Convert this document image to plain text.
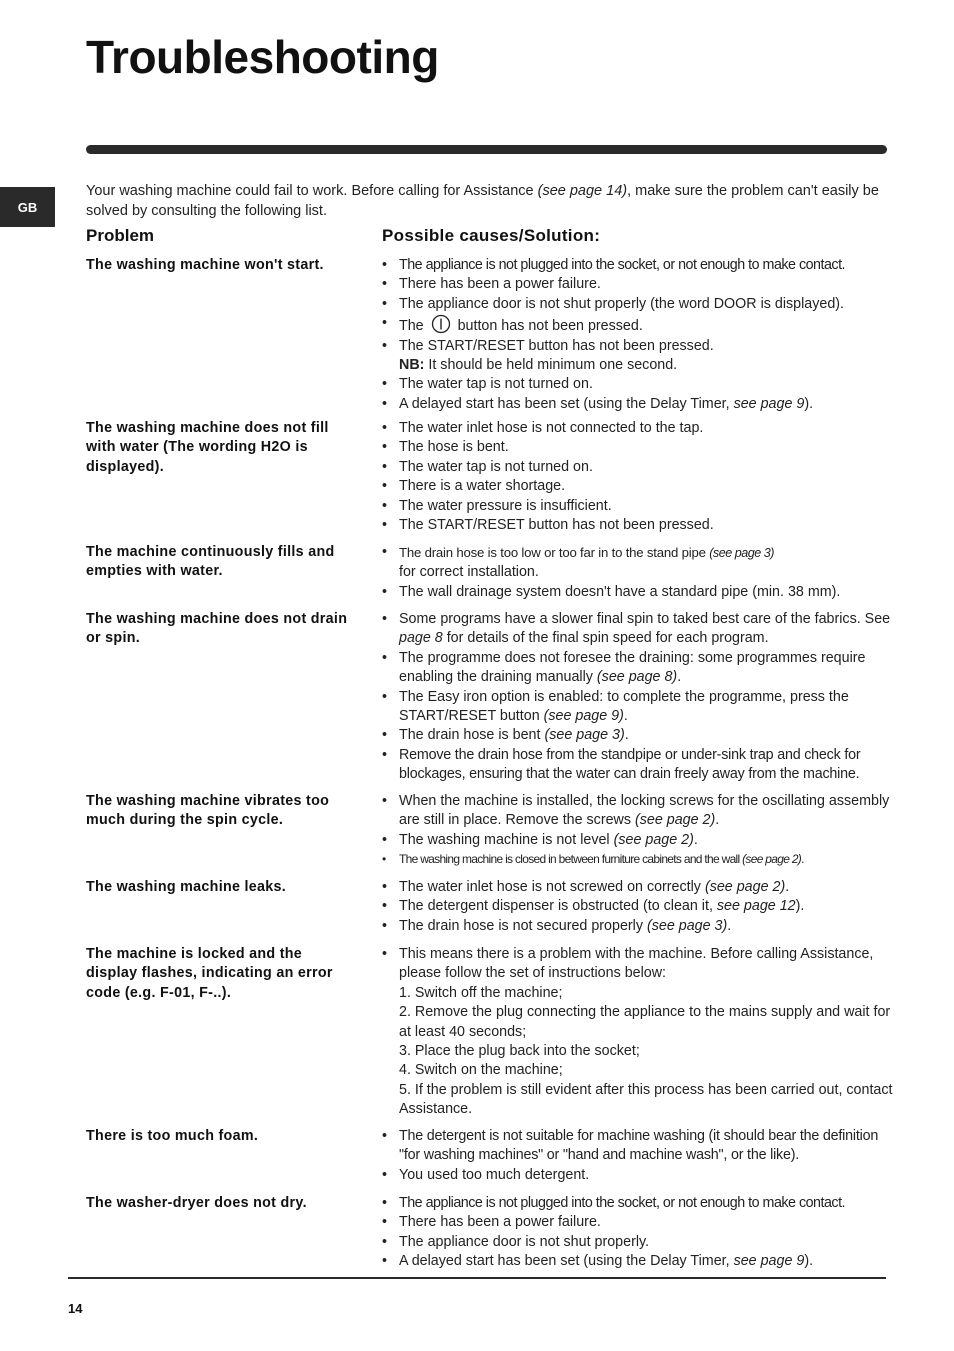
Troubleshooting
GB

Your washing machine could fail to work. Before calling for Assistance (see page 14), make sure the problem can't easily be solved by consulting the following list.

Problem	Possible causes/Solution:
The washing machine won't start.	• The appliance is not plugged into the socket, or not enough to make contact.
• There has been a power failure.
• The appliance door is not shut properly (the word DOOR is displayed).
• The  button has not been pressed.
• The START/RESET button has not been pressed.
NB: It should be held minimum one second.
• The water tap is not turned on.
• A delayed start has been set (using the Delay Timer, see page 9).
The washing machine does not fill with water (The wording H2O is displayed).
• The water inlet hose is not connected to the tap.
• The hose is bent.
• The water tap is not turned on.
• There is a water shortage.
• The water pressure is insufficient.
• The START/RESET button has not been pressed.
The machine continuously fills and empties with water.
• The drain hose is too low or too far in to the stand pipe (see page 3)
for correct installation.
• The wall drainage system doesn't have a standard pipe (min. 38 mm).
The washing machine does not drain or spin.
• Some programs have a slower final spin to taked best care of the fabrics. See page 8 for details of the final spin speed for each program.
• The programme does not foresee the draining: some programmes require enabling the draining manually (see page 8).
• The Easy iron option is enabled: to complete the programme, press the START/RESET button (see page 9).
• The drain hose is bent (see page 3).
• Remove the drain hose from the standpipe or under-sink trap and check for blockages, ensuring that the water can drain freely away from the machine.
The washing machine vibrates too much during the spin cycle.
• When the machine is installed, the locking screws for the oscillating assembly are still in place. Remove the screws (see page 2).
• The washing machine is not level (see page 2).
• The washing machine is closed in between furniture cabinets and the wall (see page 2).
The washing machine leaks.	• The water inlet hose is not screwed on correctly (see page 2).
• The detergent dispenser is obstructed (to clean it, see page 12).
• The drain hose is not secured properly (see page 3).
The machine is locked and the display flashes, indicating an error code (e.g. F-01, F-..).
• This means there is a problem with the machine. Before calling Assistance, please follow the set of instructions below:
1. Switch off the machine;
2. Remove the plug connecting the appliance to the mains supply and wait for at least 40 seconds;
3. Place the plug back into the socket;
4. Switch on the machine;
5. If the problem is still evident after this process has been carried out, contact Assistance.
There is too much foam.	• The detergent is not suitable for machine washing (it should bear the definition "for washing machines" or "hand and machine wash", or the like).
• You used too much detergent.
The washer-dryer does not dry.	• The appliance is not plugged into the socket, or not enough to make contact.
• There has been a power failure.
• The appliance door is not shut properly.
• A delayed start has been set (using the Delay Timer, see page 9).
14
